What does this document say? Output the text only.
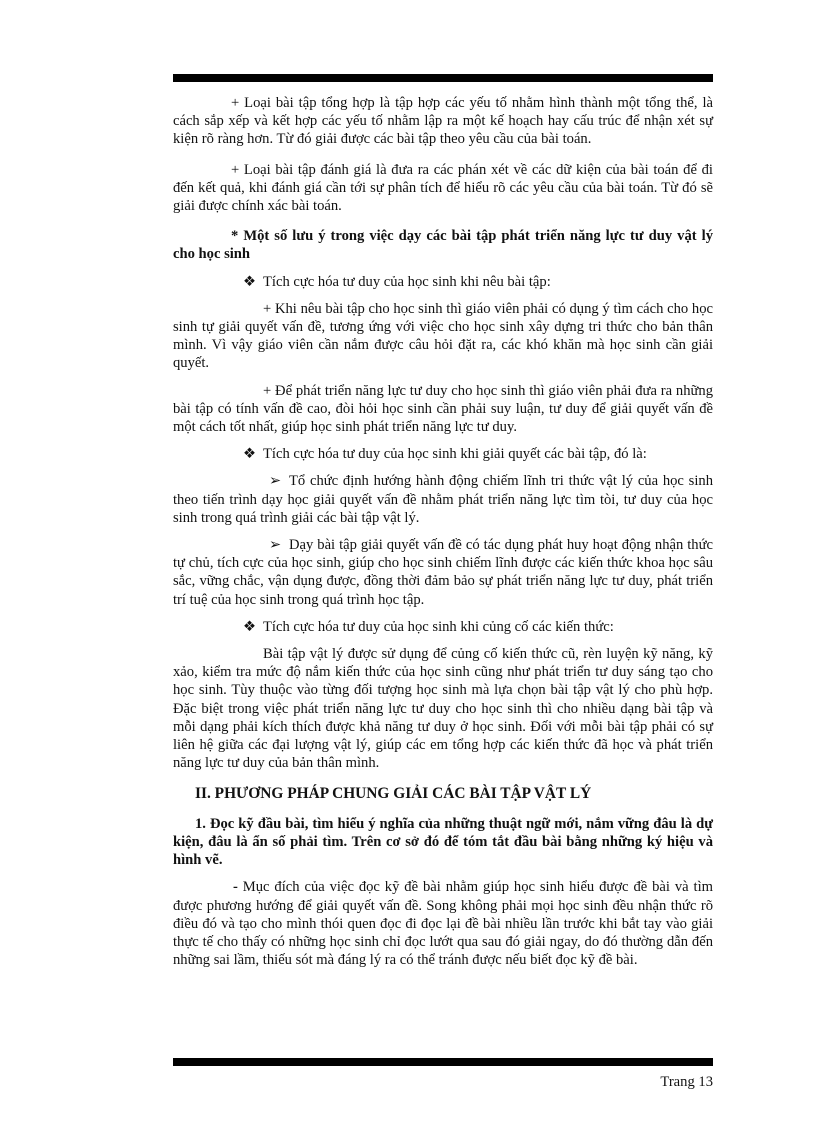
+ Loại bài tập tổng hợp là tập hợp các yếu tố nhằm hình thành một tổng thể, là cách sắp xếp và kết hợp các yếu tố nhằm lập ra một kế hoạch hay cấu trúc để nhận xét sự kiện rõ ràng hơn. Từ đó giải được các bài tập theo yêu cầu của bài toán.

+ Loại bài tập đánh giá là đưa ra các phán xét về các dữ kiện của bài toán để đi đến kết quả, khi đánh giá cần tới sự phân tích để hiểu rõ các yêu cầu của bài toán. Từ đó sẽ giải được chính xác bài toán.

* Một số lưu ý trong việc dạy các bài tập phát triển năng lực tư duy vật lý cho học sinh

❖ Tích cực hóa tư duy của học sinh khi nêu bài tập:

+ Khi nêu bài tập cho học sinh thì giáo viên phải có dụng ý tìm cách cho học sinh tự giải quyết vấn đề, tương ứng với việc cho học sinh xây dựng tri thức cho bản thân mình. Vì vậy giáo viên cần nắm được câu hỏi đặt ra, các khó khăn mà học sinh cần giải quyết.

+ Để phát triển năng lực tư duy cho học sinh thì giáo viên phải đưa ra những bài tập có tính vấn đề cao, đòi hỏi học sinh cần phải suy luận, tư duy để giải quyết vấn đề một cách tốt nhất, giúp học sinh phát triển năng lực tư duy.

❖ Tích cực hóa tư duy của học sinh khi giải quyết các bài tập, đó là:

➢ Tổ chức định hướng hành động chiếm lĩnh tri thức vật lý của học sinh theo tiến trình dạy học giải quyết vấn đề nhằm phát triển năng lực tìm tòi, tư duy của học sinh trong quá trình giải các bài tập vật lý.

➢ Dạy bài tập giải quyết vấn đề có tác dụng phát huy hoạt động nhận thức tự chủ, tích cực của học sinh, giúp cho học sinh chiếm lĩnh được các kiến thức khoa học sâu sắc, vững chắc, vận dụng được, đồng thời đảm bảo sự phát triển năng lực tư duy, phát triển trí tuệ của học sinh trong quá trình học tập.

❖ Tích cực hóa tư duy của học sinh khi củng cố các kiến thức:

Bài tập vật lý được sử dụng để củng cố kiến thức cũ, rèn luyện kỹ năng, kỹ xảo, kiểm tra mức độ nắm kiến thức của học sinh cũng như phát triển tư duy sáng tạo cho học sinh. Tùy thuộc vào từng đối tượng học sinh mà lựa chọn bài tập vật lý cho phù hợp. Đặc biệt trong việc phát triển năng lực tư duy cho học sinh thì cho nhiều dạng bài tập và mỗi dạng phải kích thích được khả năng tư duy ở học sinh. Đối với mỗi bài tập phải có sự liên hệ giữa các đại lượng vật lý, giúp các em tổng hợp các kiến thức đã học và phát triển năng lực tư duy của bản thân mình.

II. PHƯƠNG PHÁP CHUNG GIẢI CÁC BÀI TẬP VẬT LÝ

1. Đọc kỹ đầu bài, tìm hiểu ý nghĩa của những thuật ngữ mới, nắm vững đâu là dự kiện, đâu là ẩn số phải tìm. Trên cơ sở đó để tóm tắt đầu bài bằng những ký hiệu và hình vẽ.

- Mục đích của việc đọc kỹ đề bài nhằm giúp học sinh hiểu được đề bài và tìm được phương hướng để giải quyết vấn đề. Song không phải mọi học sinh đều nhận thức rõ điều đó và tạo cho mình thói quen đọc đi đọc lại đề bài nhiều lần trước khi bắt tay vào giải thực tế cho thấy có những học sinh chỉ đọc lướt qua sau đó giải ngay, do đó thường dẫn đến những sai lầm, thiếu sót mà đáng lý ra có thể tránh được nếu biết đọc kỹ đề bài.

Trang 13
